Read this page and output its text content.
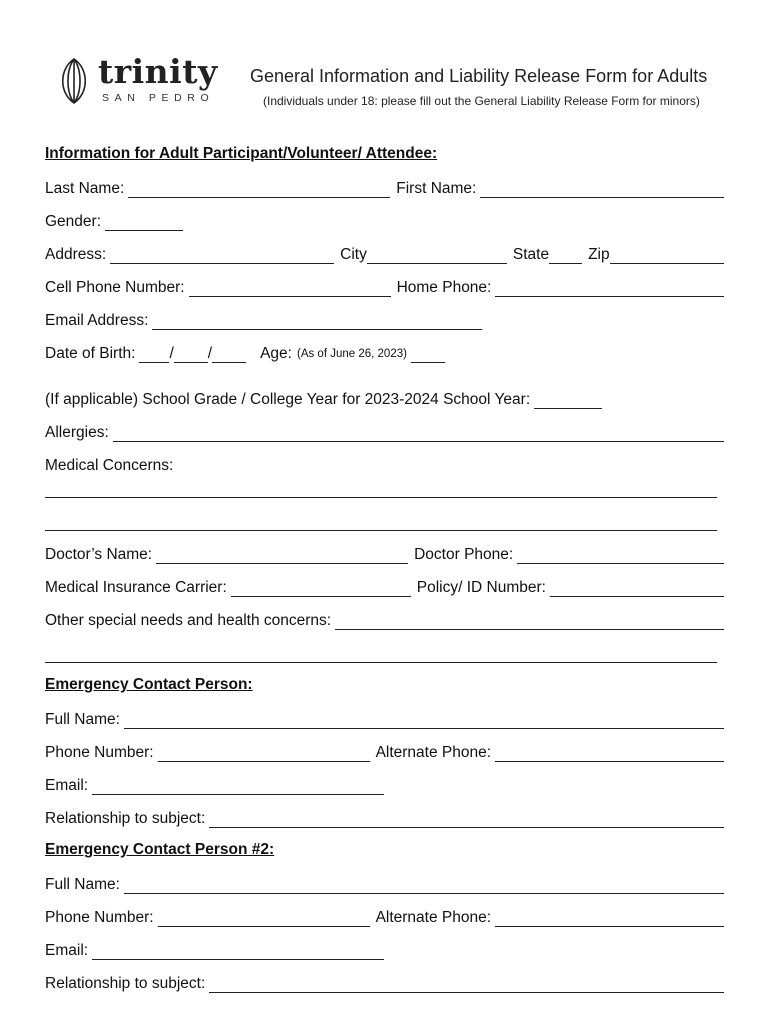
trinity
SAN PEDRO
General Information and Liability Release Form for Adults
(Individuals under 18: please fill out the General Liability Release Form for minors)
Information for Adult Participant/Volunteer/ Attendee:
Last Name:	First Name:
Gender:
Address:	City	State	Zip
Cell Phone Number:	Home Phone:
Email Address:
Date of Birth: / /	Age: (As of June 26, 2023)
(If applicable) School Grade / College Year for 2023-2024 School Year:
Allergies:
Medical Concerns:
Doctor’s Name:	Doctor Phone:
Medical Insurance Carrier:	Policy/ ID Number:
Other special needs and health concerns:
Emergency Contact Person:
Full Name:
Phone Number:	Alternate Phone:
Email:
Relationship to subject:
Emergency Contact Person #2:
Full Name:
Phone Number:	Alternate Phone:
Email:
Relationship to subject:
